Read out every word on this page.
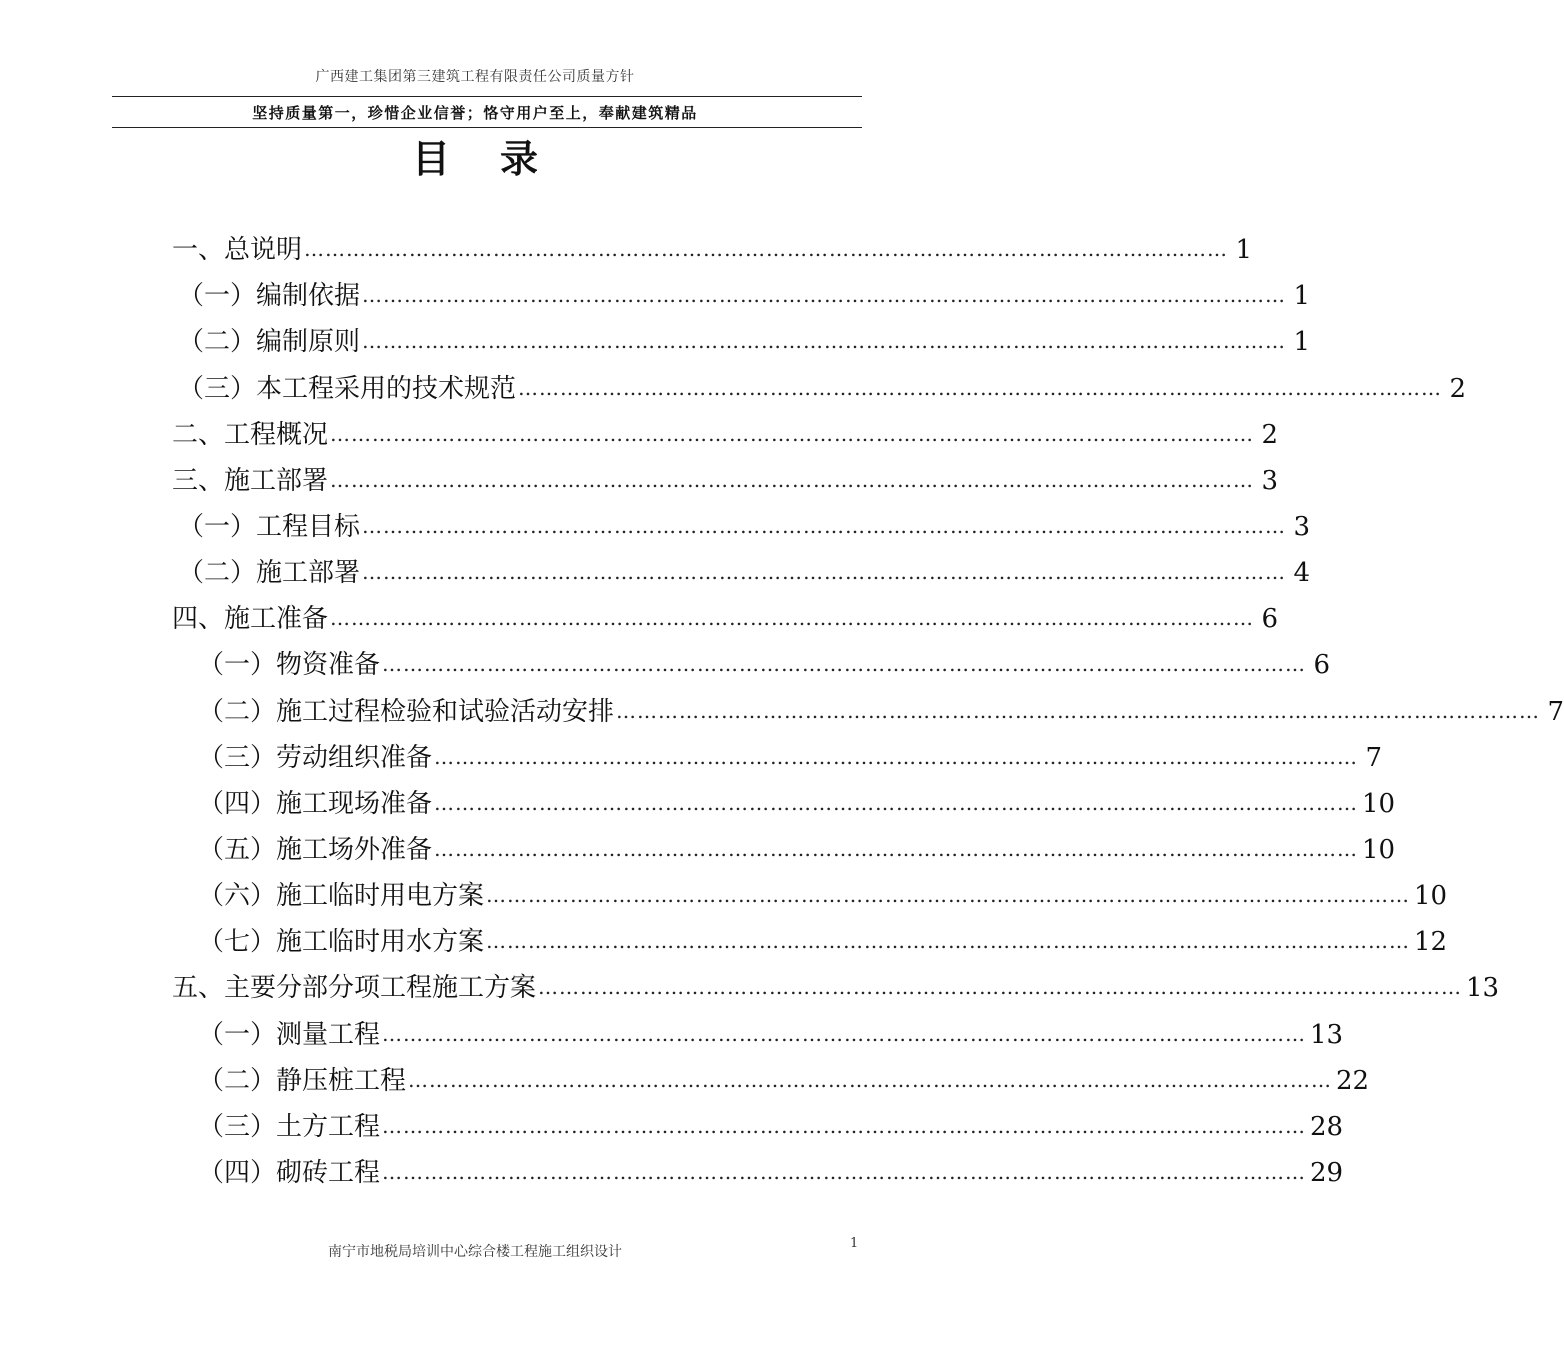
广西建工集团第三建筑工程有限责任公司质量方针
坚持质量第一，珍惜企业信誉；恪守用户至上，奉献建筑精品
目录
一、总说明 …………………………………………………………………………………………………………………… 1
（一）编制依据 …………………………………………………………………………………………………………………… 1
（二）编制原则 …………………………………………………………………………………………………………………… 1
（三）本工程采用的技术规范 …………………………………………………………………………………………………………………… 2
二、工程概况 …………………………………………………………………………………………………………………… 2
三、施工部署 …………………………………………………………………………………………………………………… 3
（一）工程目标 …………………………………………………………………………………………………………………… 3
（二）施工部署 …………………………………………………………………………………………………………………… 4
四、施工准备 …………………………………………………………………………………………………………………… 6
（一）物资准备 …………………………………………………………………………………………………………………… 6
（二）施工过程检验和试验活动安排 …………………………………………………………………………………………………………………… 7
（三）劳动组织准备 …………………………………………………………………………………………………………………… 7
（四）施工现场准备 …………………………………………………………………………………………………………………… 10
（五）施工场外准备 …………………………………………………………………………………………………………………… 10
（六）施工临时用电方案 …………………………………………………………………………………………………………………… 10
（七）施工临时用水方案 …………………………………………………………………………………………………………………… 12
五、主要分部分项工程施工方案 …………………………………………………………………………………………………………………… 13
（一）测量工程 …………………………………………………………………………………………………………………… 13
（二）静压桩工程 …………………………………………………………………………………………………………………… 22
（三）土方工程 …………………………………………………………………………………………………………………… 28
（四）砌砖工程 …………………………………………………………………………………………………………………… 29
南宁市地税局培训中心综合楼工程施工组织设计
1
